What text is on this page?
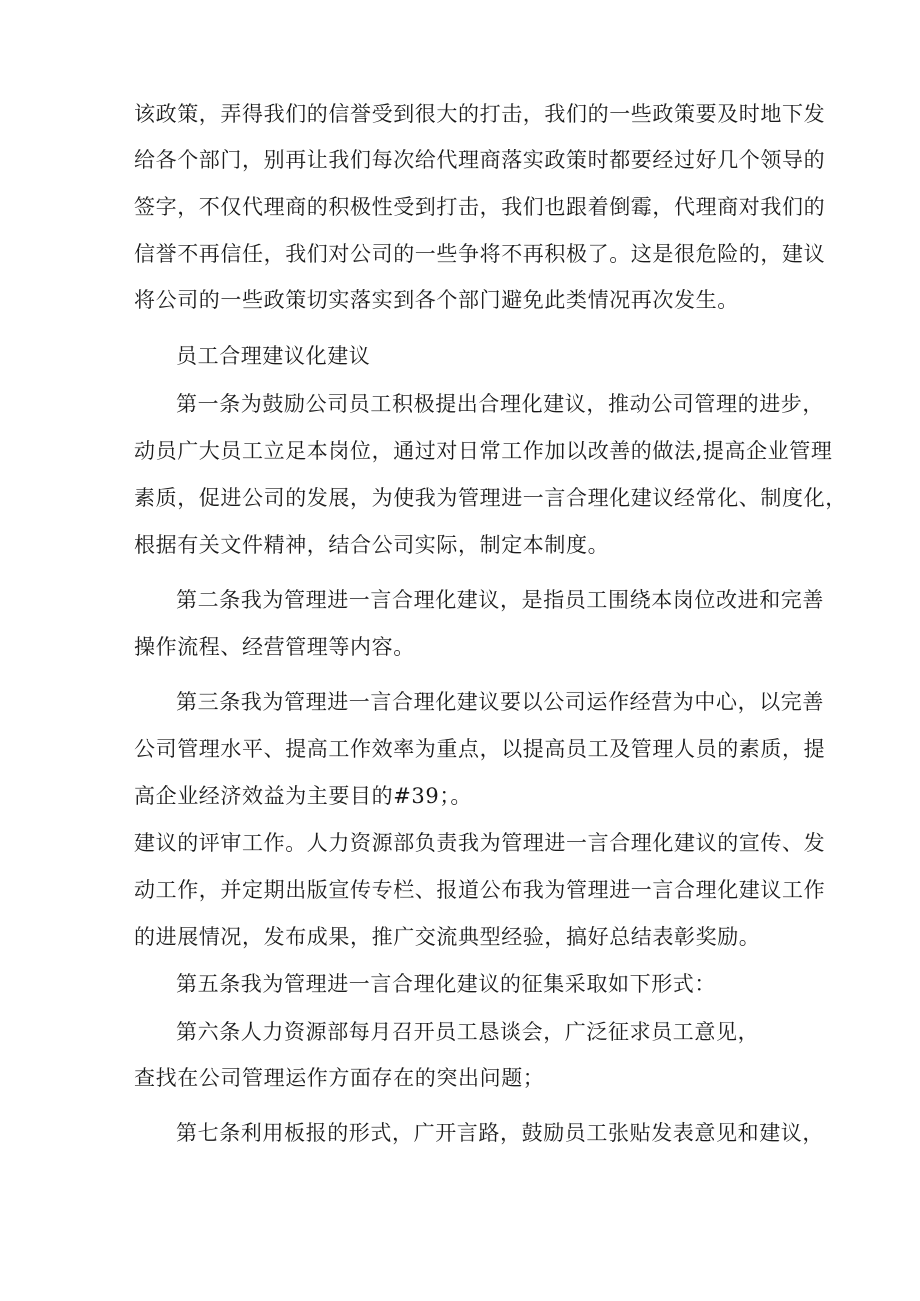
该政策，弄得我们的信誉受到很大的打击，我们的一些政策要及时地下发
给各个部门，别再让我们每次给代理商落实政策时都要经过好几个领导的
签字，不仅代理商的积极性受到打击，我们也跟着倒霉，代理商对我们的
信誉不再信任，我们对公司的一些争将不再积极了。这是很危险的，建议
将公司的一些政策切实落实到各个部门避免此类情况再次发生。
员工合理建议化建议
第一条为鼓励公司员工积极提出合理化建议，推动公司管理的进步，
动员广大员工立足本岗位，通过对日常工作加以改善的做法,提高企业管理
素质，促进公司的发展，为使我为管理进一言合理化建议经常化、制度化，
根据有关文件精神，结合公司实际，制定本制度。
第二条我为管理进一言合理化建议，是指员工围绕本岗位改进和完善
操作流程、经营管理等内容。
第三条我为管理进一言合理化建议要以公司运作经营为中心，以完善
公司管理水平、提高工作效率为重点，以提高员工及管理人员的素质，提
高企业经济效益为主要目的#39；。
建议的评审工作。人力资源部负责我为管理进一言合理化建议的宣传、发
动工作，并定期出版宣传专栏、报道公布我为管理进一言合理化建议工作
的进展情况，发布成果，推广交流典型经验，搞好总结表彰奖励。
第五条我为管理进一言合理化建议的征集采取如下形式：
第六条人力资源部每月召开员工恳谈会，广泛征求员工意见，
查找在公司管理运作方面存在的突出问题；
第七条利用板报的形式，广开言路，鼓励员工张贴发表意见和建议，
